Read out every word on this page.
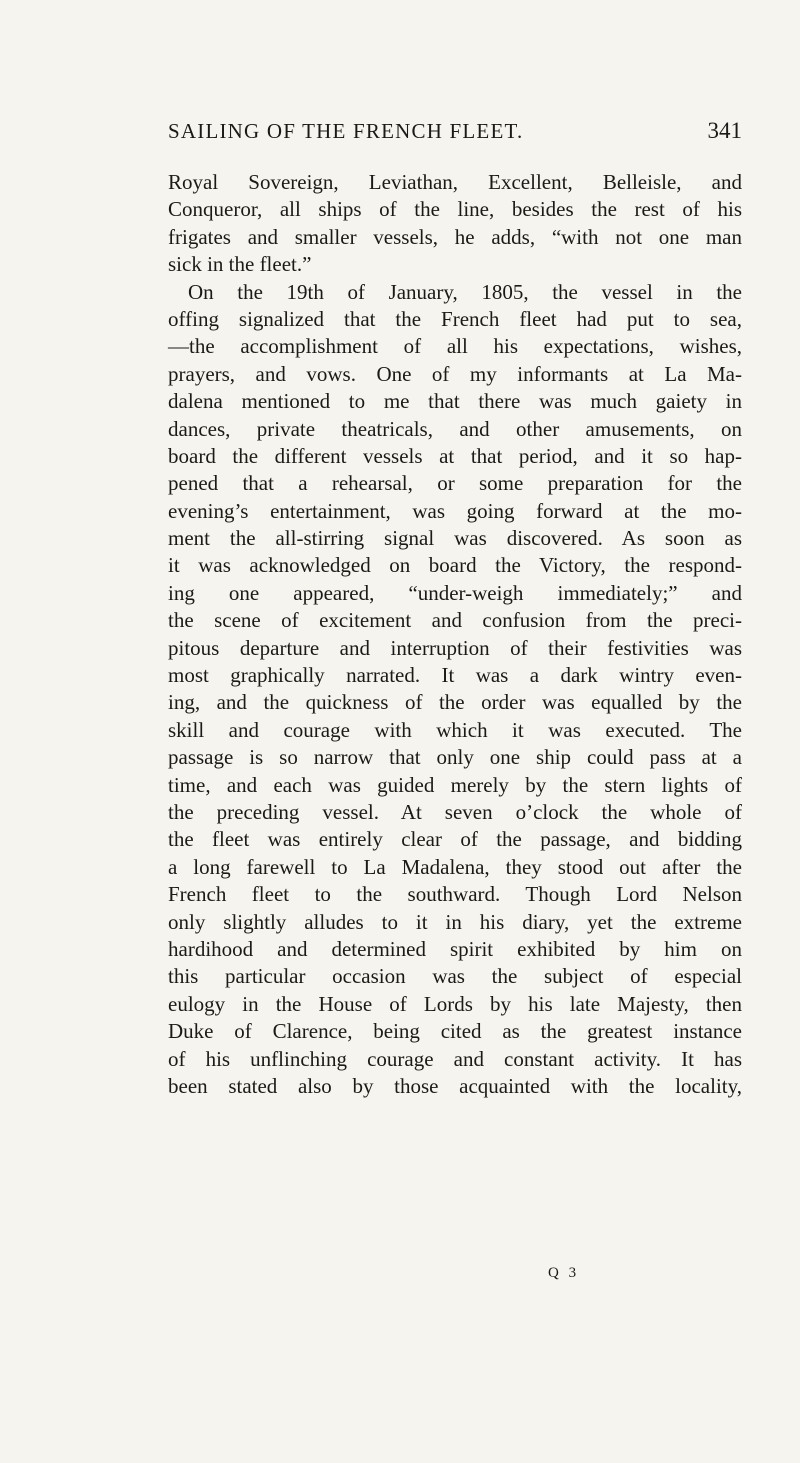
SAILING OF THE FRENCH FLEET.	341
Royal Sovereign, Leviathan, Excellent, Belleisle, and
Conqueror, all ships of the line, besides the rest of his
frigates and smaller vessels, he adds, “with not one man
sick in the fleet.”
On the 19th of January, 1805, the vessel in the
offing signalized that the French fleet had put to sea,
—the accomplishment of all his expectations, wishes,
prayers, and vows. One of my informants at La Ma-
dalena mentioned to me that there was much gaiety in
dances, private theatricals, and other amusements, on
board the different vessels at that period, and it so hap-
pened that a rehearsal, or some preparation for the
evening’s entertainment, was going forward at the mo-
ment the all-stirring signal was discovered. As soon as
it was acknowledged on board the Victory, the respond-
ing one appeared, “under-weigh immediately;” and
the scene of excitement and confusion from the preci-
pitous departure and interruption of their festivities was
most graphically narrated. It was a dark wintry even-
ing, and the quickness of the order was equalled by the
skill and courage with which it was executed. The
passage is so narrow that only one ship could pass at a
time, and each was guided merely by the stern lights of
the preceding vessel. At seven o’clock the whole of
the fleet was entirely clear of the passage, and bidding
a long farewell to La Madalena, they stood out after the
French fleet to the southward. Though Lord Nelson
only slightly alludes to it in his diary, yet the extreme
hardihood and determined spirit exhibited by him on
this particular occasion was the subject of especial
eulogy in the House of Lords by his late Majesty, then
Duke of Clarence, being cited as the greatest instance
of his unflinching courage and constant activity. It has
been stated also by those acquainted with the locality,
Q 3
